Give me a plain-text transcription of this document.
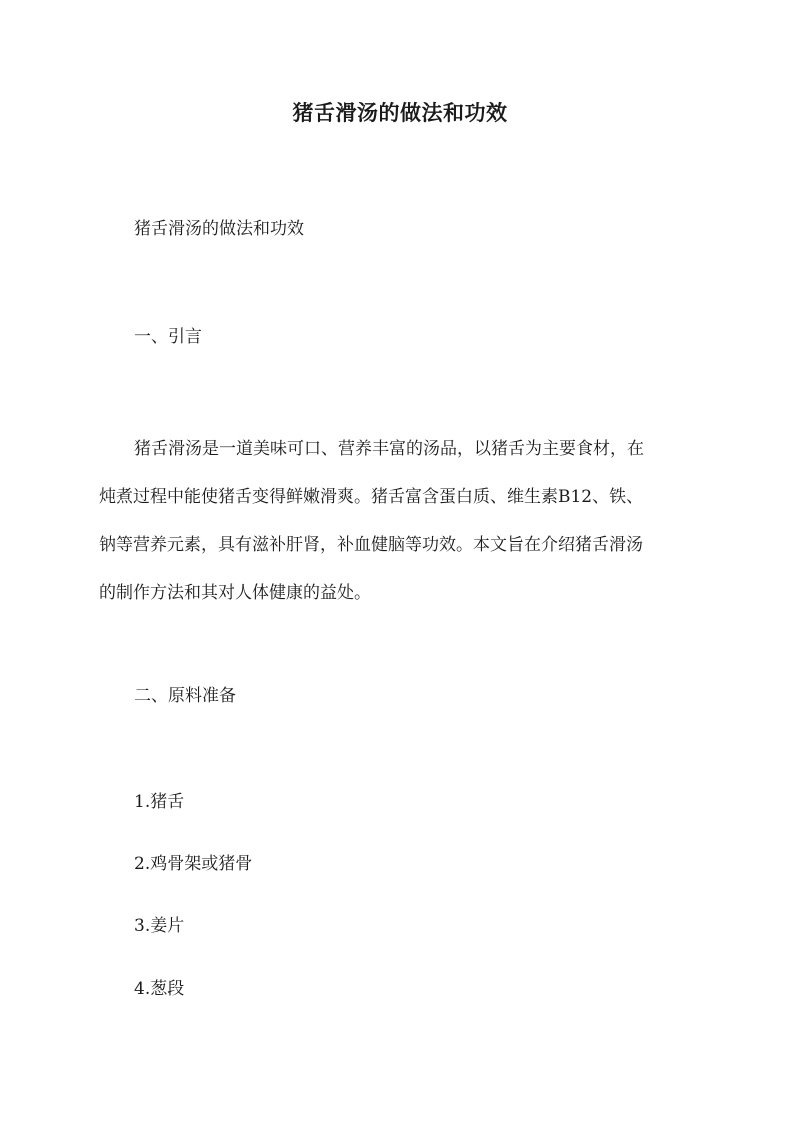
猪舌滑汤的做法和功效
猪舌滑汤的做法和功效
一、引言
猪舌滑汤是一道美味可口、营养丰富的汤品，以猪舌为主要食材，在
炖煮过程中能使猪舌变得鲜嫩滑爽。猪舌富含蛋白质、维生素B12、铁、
钠等营养元素，具有滋补肝肾，补血健脑等功效。本文旨在介绍猪舌滑汤
的制作方法和其对人体健康的益处。
二、原料准备
1.猪舌
2.鸡骨架或猪骨
3.姜片
4.葱段
